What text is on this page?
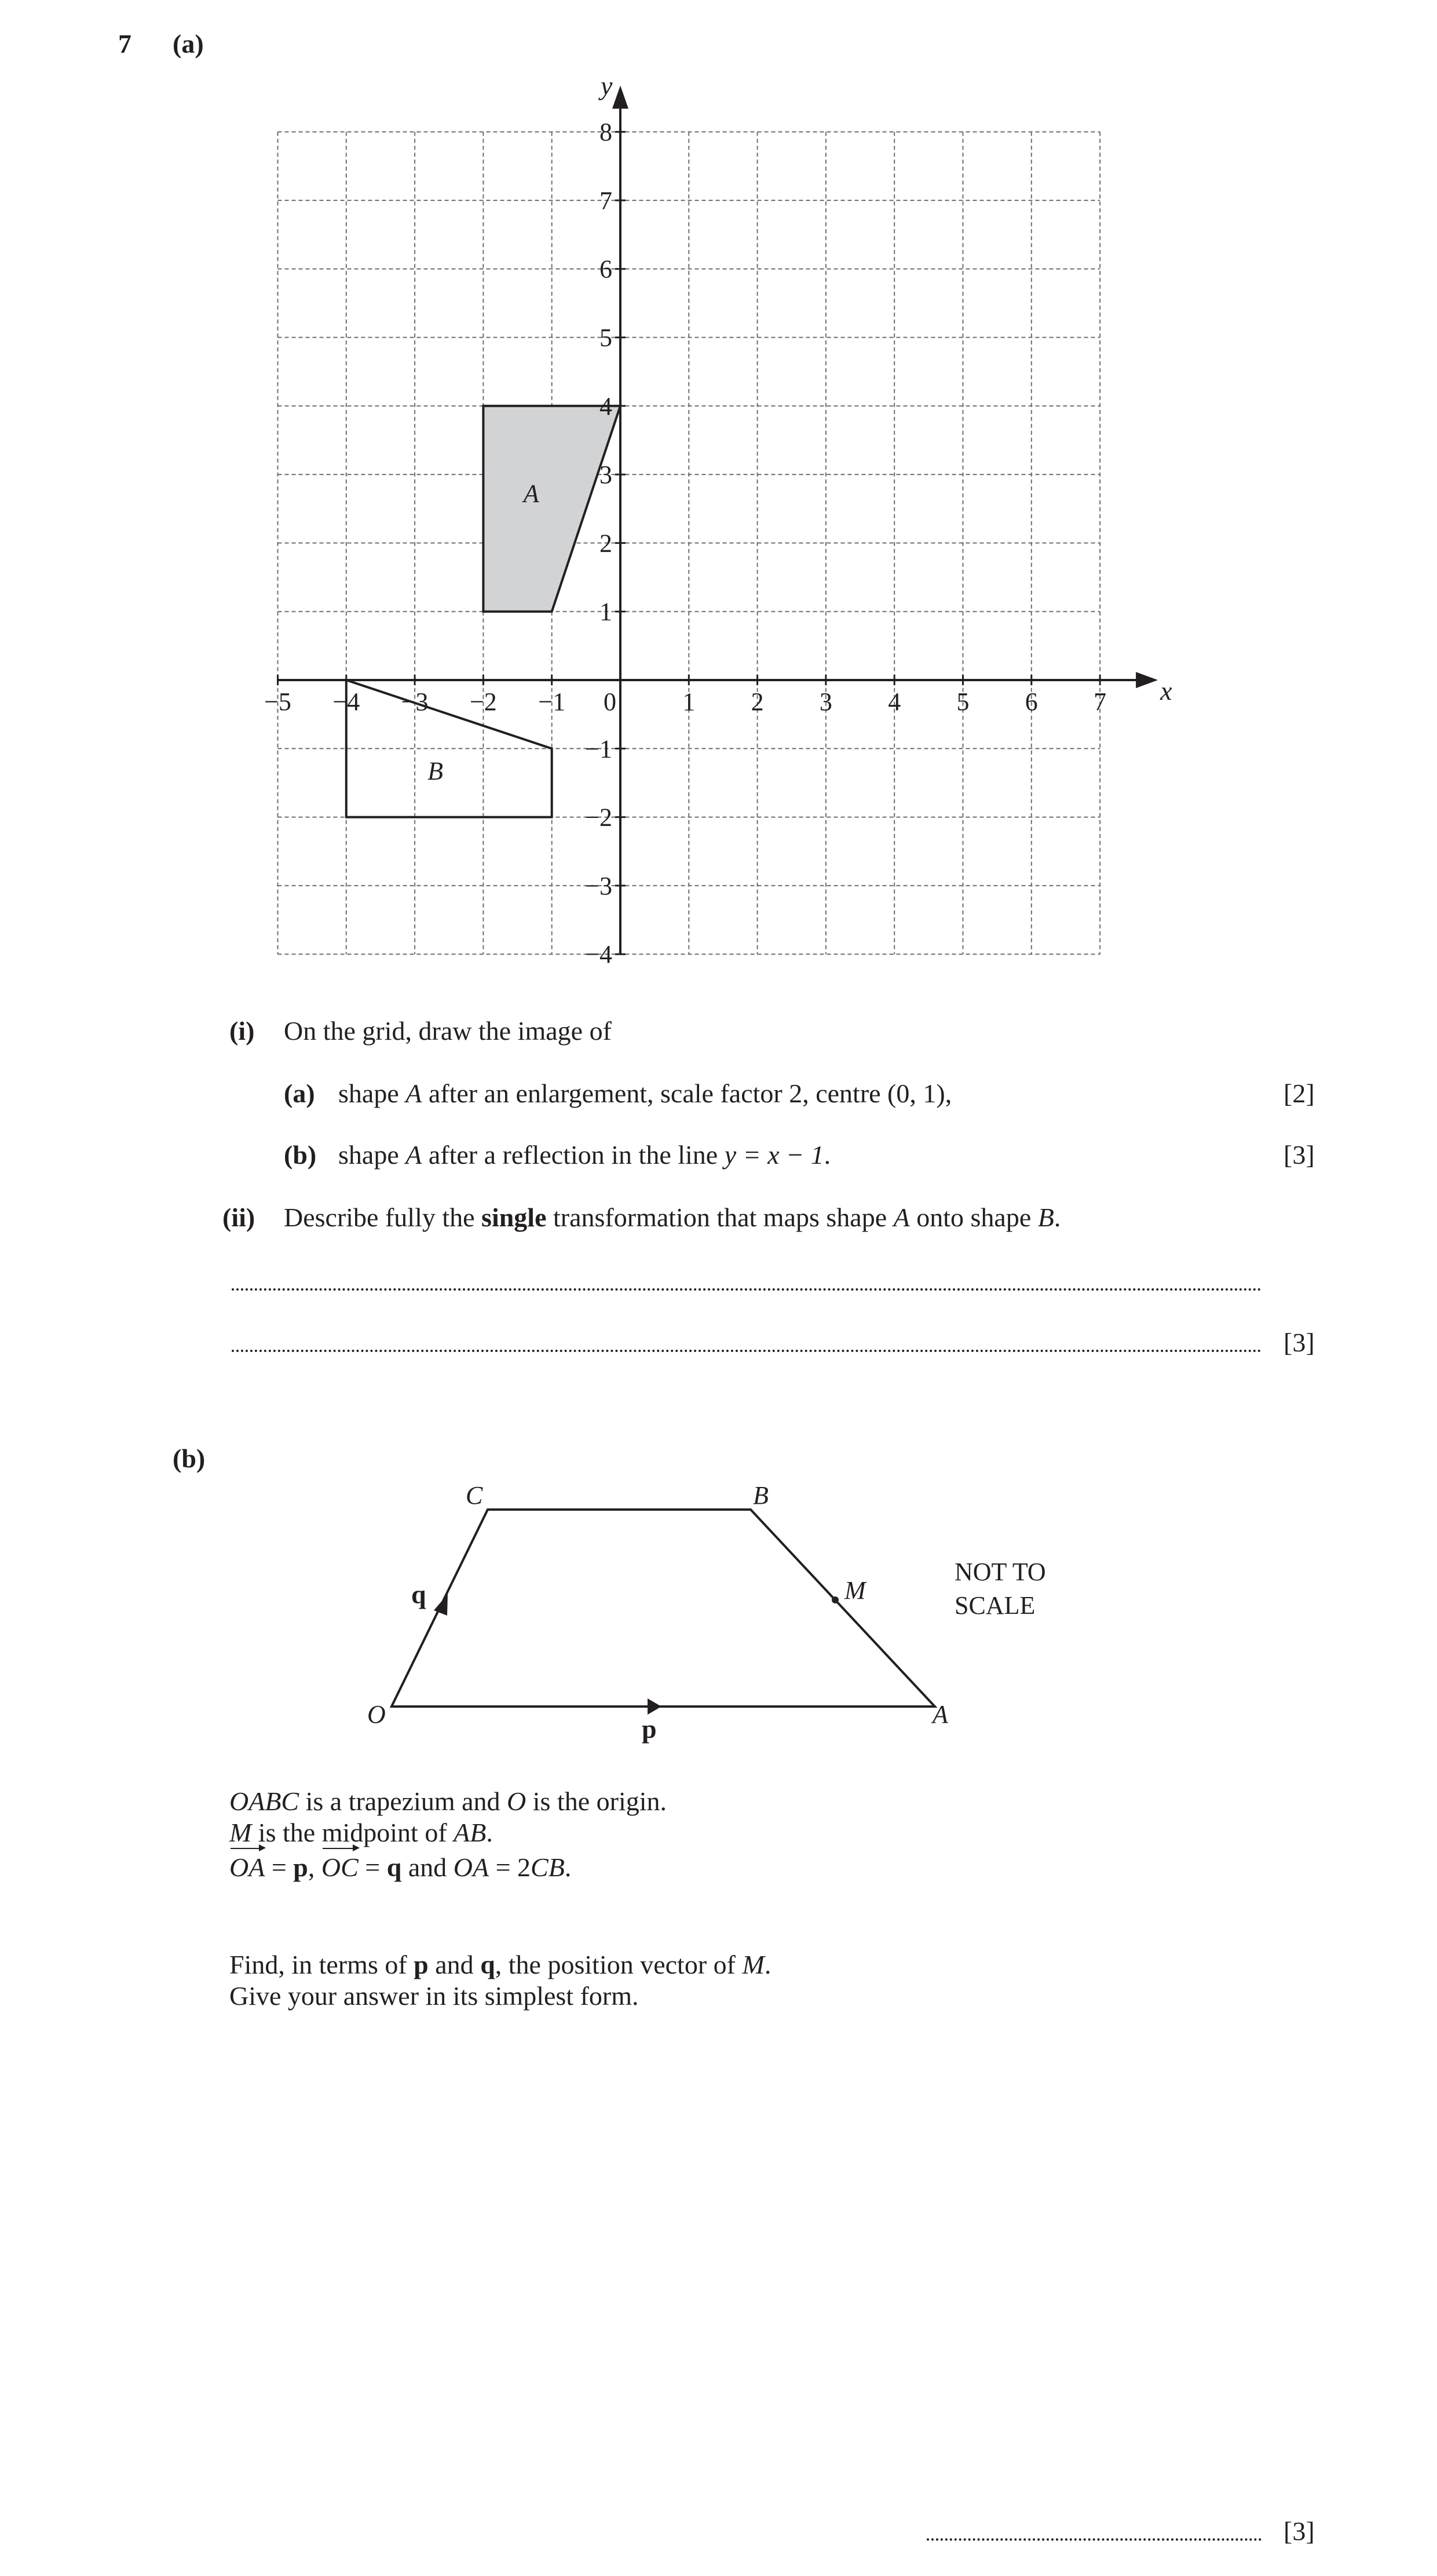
7 (a)
−5 −4 −3 −2 −1	1 2 3 4 5 6 7
8
7
6
5
4
3
2
1
−1
−2
−3
−4
A
B
x
y
0
(i) On the grid, draw the image of
(a) shape A after an enlargement, scale factor 2, centre (0, 1),	[2]
(b) shape A after a reflection in the line y = x − 1.	[3]
(ii) Describe fully the single transformation that maps shape A onto shape B.
[3]
(b)
O	A
B
C
M
p
q
NOT TO
SCALE
OABC is a trapezium and O is the origin.
M is the midpoint of AB.
OA = p, OC = q and OA = 2CB.
Find, in terms of p and q, the position vector of M.
Give your answer in its simplest form.
[3]
